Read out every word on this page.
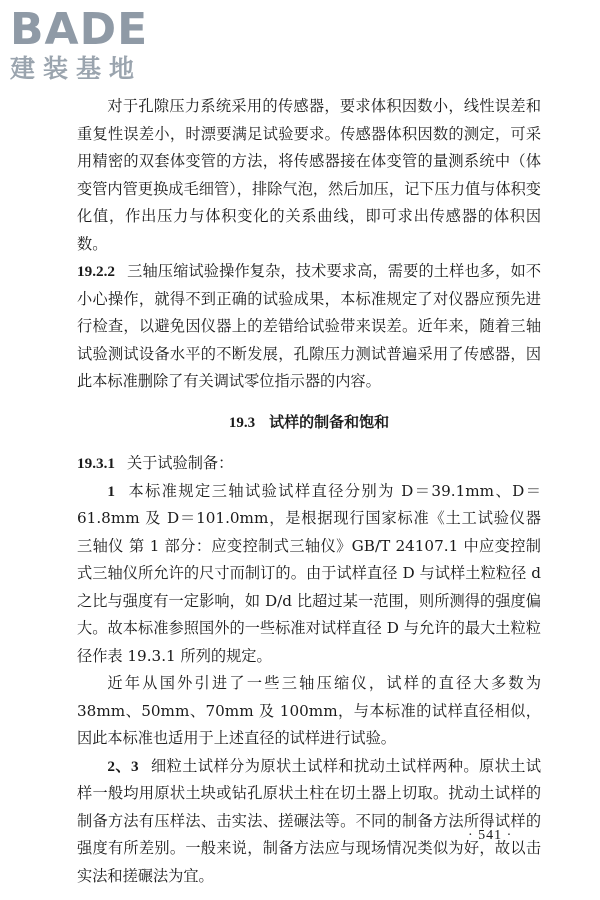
BADE
建装基地

对于孔隙压力系统采用的传感器，要求体积因数小，线性误差和重复性误差小，时漂要满足试验要求。传感器体积因数的测定，可采用精密的双套体变管的方法，将传感器接在体变管的量测系统中（体变管内管更换成毛细管），排除气泡，然后加压，记下压力值与体积变化值，作出压力与体积变化的关系曲线，即可求出传感器的体积因数。

19.2.2 三轴压缩试验操作复杂，技术要求高，需要的土样也多，如不小心操作，就得不到正确的试验成果，本标准规定了对仪器应预先进行检查，以避免因仪器上的差错给试验带来误差。近年来，随着三轴试验测试设备水平的不断发展，孔隙压力测试普遍采用了传感器，因此本标准删除了有关调试零位指示器的内容。

19.3 试样的制备和饱和

19.3.1 关于试验制备：

1 本标准规定三轴试验试样直径分别为 D＝39.1mm、D＝61.8mm 及 D＝101.0mm，是根据现行国家标准《土工试验仪器 三轴仪 第 1 部分：应变控制式三轴仪》GB/T 24107.1 中应变控制式三轴仪所允许的尺寸而制订的。由于试样直径 D 与试样土粒粒径 d 之比与强度有一定影响，如 D/d 比超过某一范围，则所测得的强度偏大。故本标准参照国外的一些标准对试样直径 D 与允许的最大土粒粒径作表 19.3.1 所列的规定。

近年从国外引进了一些三轴压缩仪，试样的直径大多数为38mm、50mm、70mm 及 100mm，与本标准的试样直径相似，因此本标准也适用于上述直径的试样进行试验。

2、3 细粒土试样分为原状土试样和扰动土试样两种。原状土试样一般均用原状土块或钻孔原状土柱在切土器上切取。扰动土试样的制备方法有压样法、击实法、搓碾法等。不同的制备方法所得试样的强度有所差别。一般来说，制备方法应与现场情况类似为好，故以击实法和搓碾法为宜。

· 541 ·
